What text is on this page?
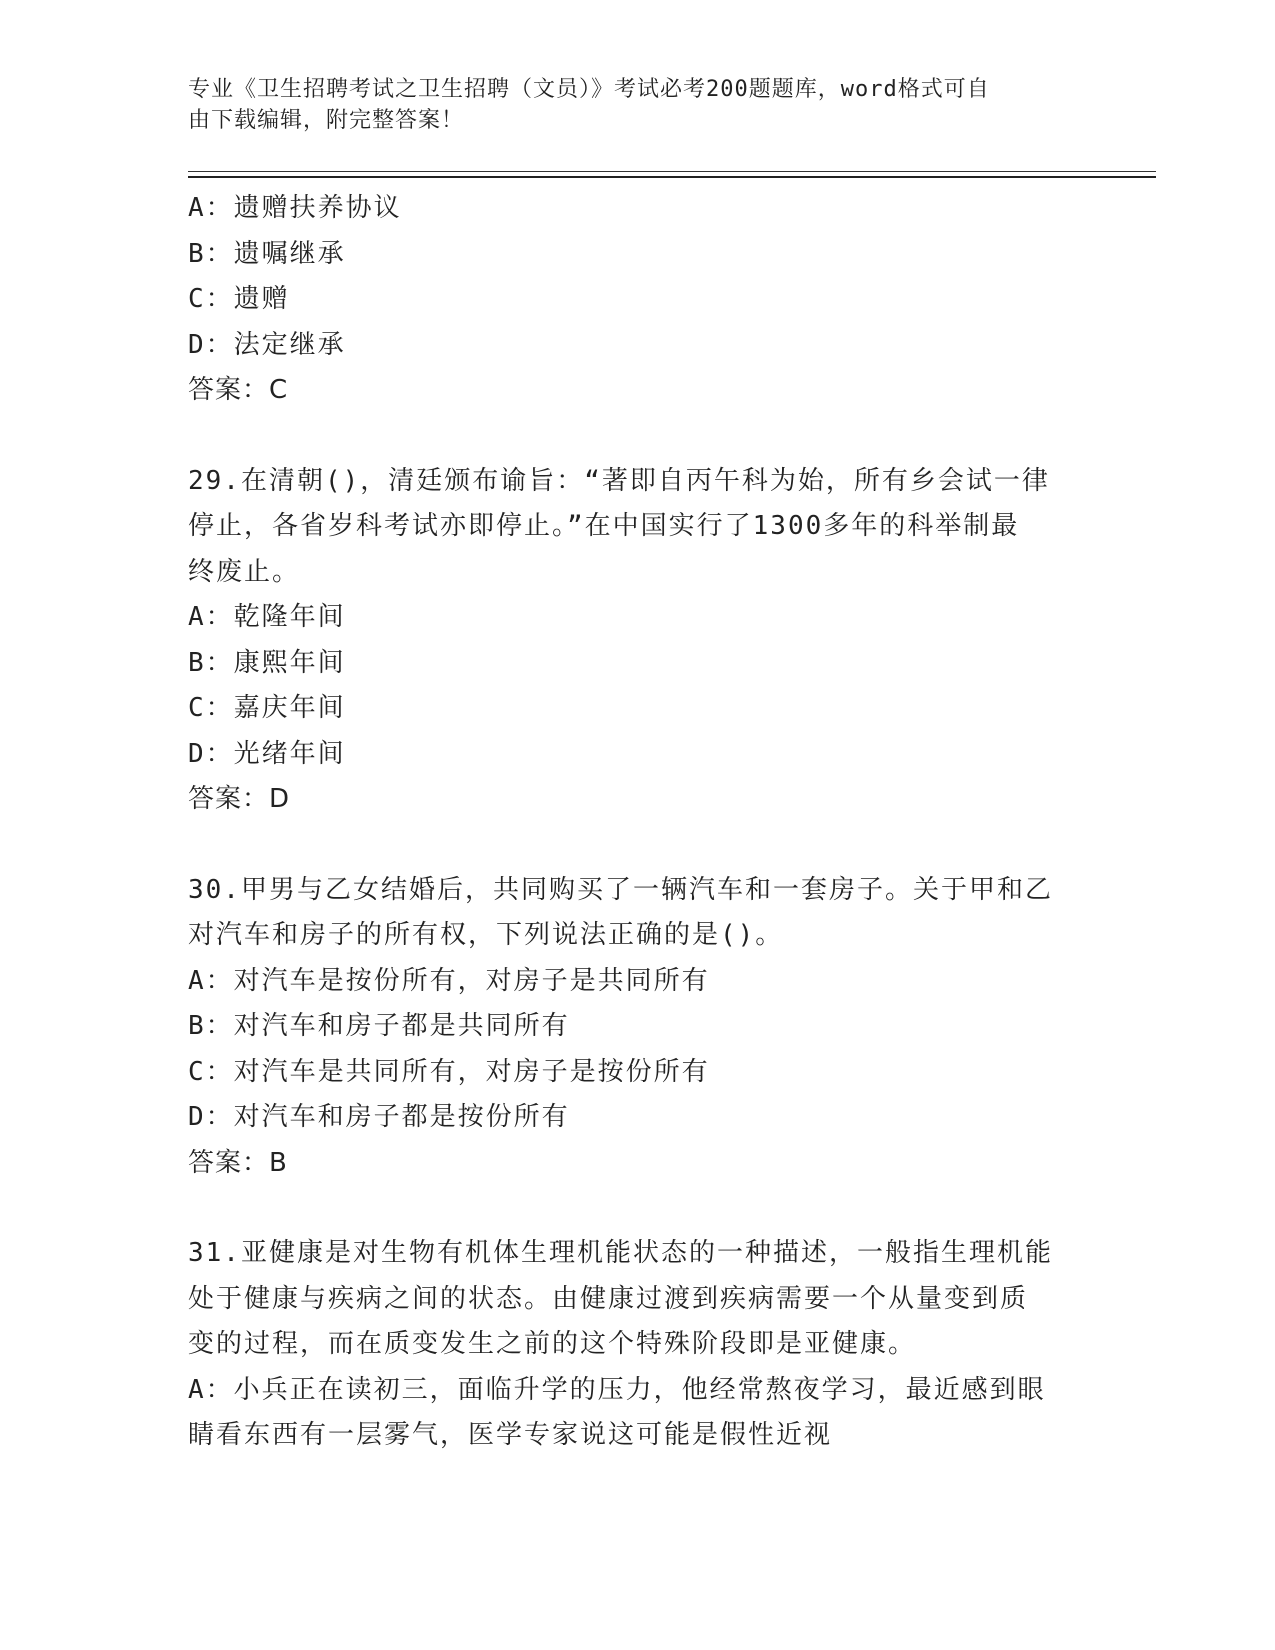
专业《卫生招聘考试之卫生招聘（文员）》考试必考200题题库，word格式可自
由下载编辑，附完整答案！
A：遗赠扶养协议
B：遗嘱继承
C：遗赠
D：法定继承
答案：C
29.在清朝()，清廷颁布谕旨：“著即自丙午科为始，所有乡会试一律
停止，各省岁科考试亦即停止。”在中国实行了1300多年的科举制最
终废止。
A：乾隆年间
B：康熙年间
C：嘉庆年间
D：光绪年间
答案：D
30.甲男与乙女结婚后，共同购买了一辆汽车和一套房子。关于甲和乙
对汽车和房子的所有权，下列说法正确的是()。
A：对汽车是按份所有，对房子是共同所有
B：对汽车和房子都是共同所有
C：对汽车是共同所有，对房子是按份所有
D：对汽车和房子都是按份所有
答案：B
31.亚健康是对生物有机体生理机能状态的一种描述，一般指生理机能
处于健康与疾病之间的状态。由健康过渡到疾病需要一个从量变到质
变的过程，而在质变发生之前的这个特殊阶段即是亚健康。
A：小兵正在读初三，面临升学的压力，他经常熬夜学习，最近感到眼
睛看东西有一层雾气，医学专家说这可能是假性近视
